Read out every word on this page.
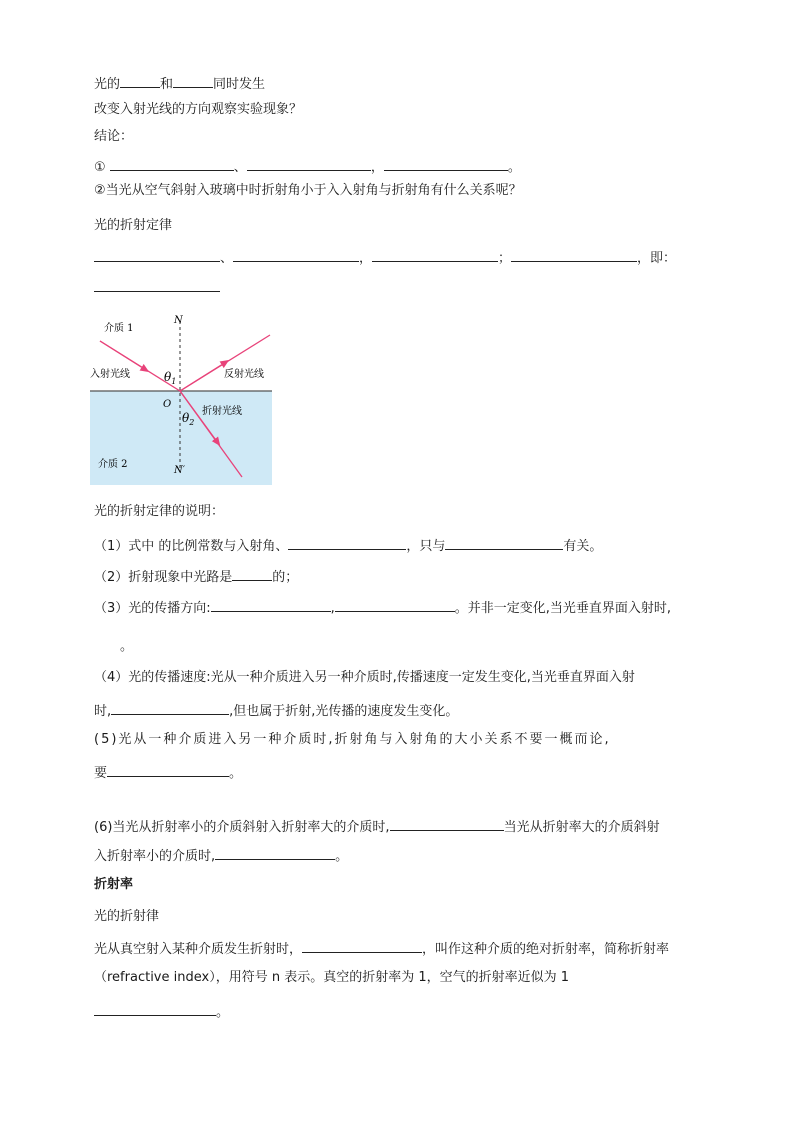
光的	和	同时发生
改变入射光线的方向观察实验现象？
结论：
①	、	，	。
②当光从空气斜射入玻璃中时折射角小于入入射角与折射角有什么关系呢？
光的折射定律
、	，	；	，即：
介质 1
N
入射光线	反射光线
$\theta_1$
O
折射光线
$\theta_2$
介质 2
N′
光的折射定律的说明：
（1）式中 的比例常数与入射角、	，只与	有关。
（2）折射现象中光路是	的；
（3）光的传播方向:	,	。并非一定变化,当光垂直界面入射时,
。
（4）光的传播速度:光从一种介质进入另一种介质时,传播速度一定发生变化,当光垂直界面入射
时,	,但也属于折射,光传播的速度发生变化。
(5)光从一种介质进入另一种介质时,折射角与入射角的大小关系不要一概而论,
要	。
(6)当光从折射率小的介质斜射入折射率大的介质时,	当光从折射率大的介质斜射
入折射率小的介质时,	。
折射率
光的折射律
光从真空射入某种介质发生折射时，	，叫作这种介质的绝对折射率，简称折射率
（refractive index），用符号 n 表示。真空的折射率为 1，空气的折射率近似为 1
。
